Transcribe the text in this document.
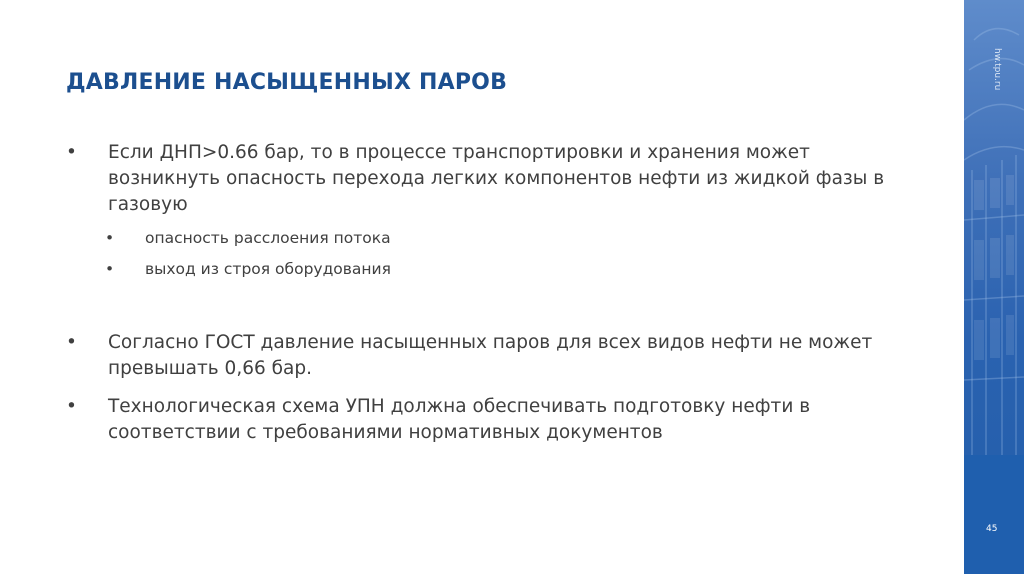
ДАВЛЕНИЕ НАСЫЩЕННЫХ ПАРОВ
• Если ДНП>0.66 бар, то в процессе транспортировки и хранения может возникнуть опасность перехода легких компонентов нефти из жидкой фазы в газовую
• опасность расслоения потока
• выход из строя оборудования
• Согласно ГОСТ давление насыщенных паров для всех видов нефти не может превышать 0,66 бар.
• Технологическая схема УПН должна обеспечивать подготовку нефти в соответствии с требованиями нормативных документов
hw.tpu.ru
45
